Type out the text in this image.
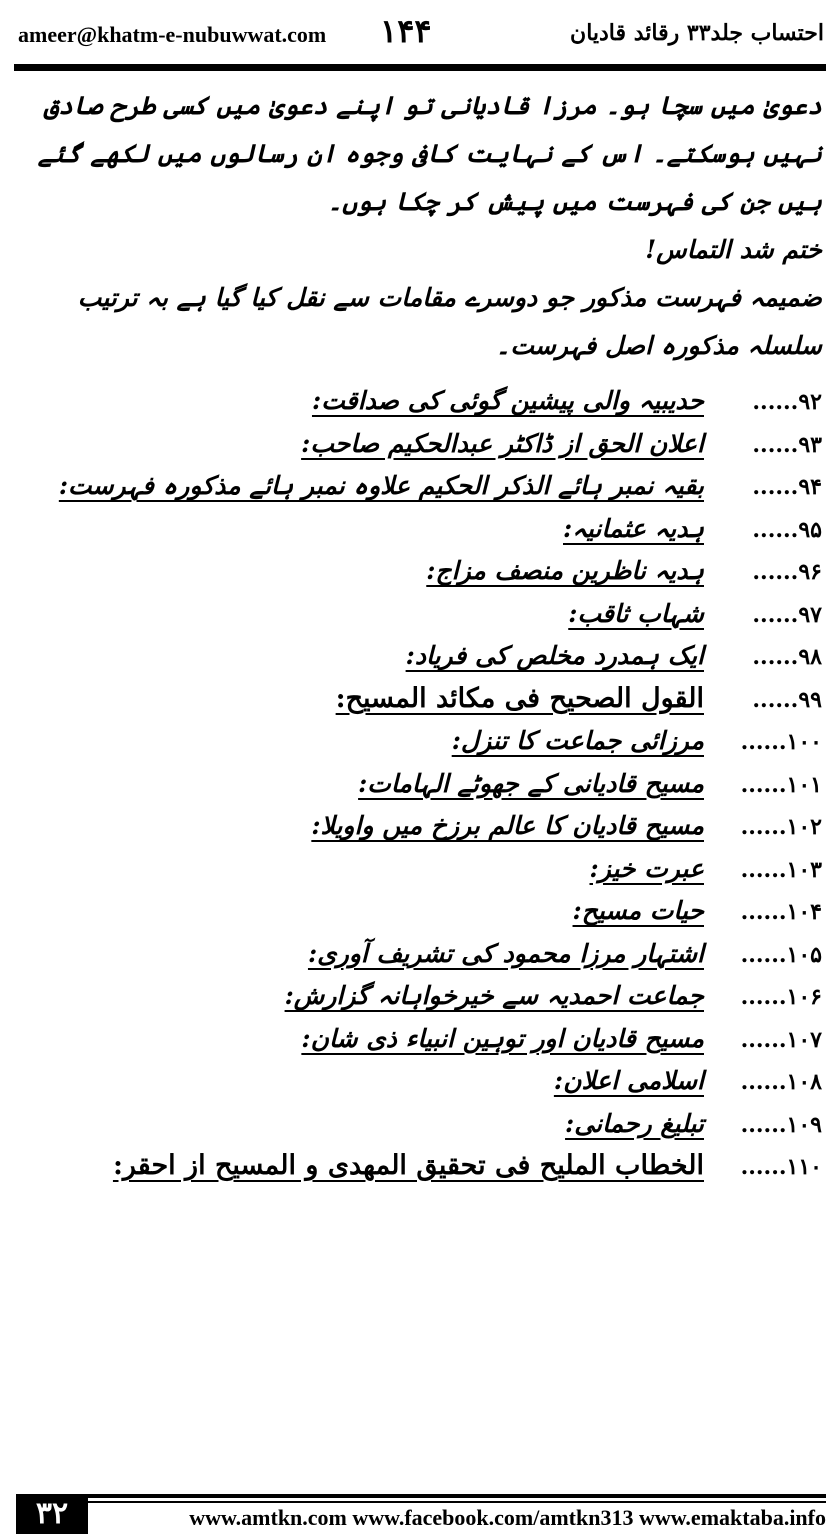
ameer@khatm-e-nubuwwat.com ۱۴۴	احتساب جلد۳۳ رقائد قادیان

دعویٰ میں سچا ہو۔ مرزا قادیانی تو اپنے دعویٰ میں کسی طرح صادق نہیں ہوسکتے۔ اس کے نہایت کافی وجوہ ان رسالوں میں لکھے گئے ہیں جن کی فہرست میں پیش کر چکا ہوں۔

ختم شد التماس!

ضمیمہ فہرست مذکور جو دوسرے مقامات سے نقل کیا گیا ہے بہ ترتیب سلسلہ مذکورہ اصل فہرست۔

۹۲......حدیبیہ والی پیشین گوئی کی صداقت:
۹۳......اعلان الحق از ڈاکٹر عبدالحکیم صاحب:
۹۴......بقیہ نمبر ہائے الذکر الحکیم علاوہ نمبر ہائے مذکورہ فہرست:
۹۵......ہدیہ عثمانیہ:
۹۶......ہدیہ ناظرین منصف مزاج:
۹۷......شہاب ثاقب:
۹۸......ایک ہمدرد مخلص کی فریاد:
۹۹......القول الصحیح فی مکائد المسیح:
۱۰۰......مرزائی جماعت کا تنزل:
۱۰۱......مسیح قادیانی کے جھوٹے الہامات:
۱۰۲......مسیح قادیان کا عالم برزخ میں واویلا:
۱۰۳......عبرت خیز:
۱۰۴......حیات مسیح:
۱۰۵......اشتہار مرزا محمود کی تشریف آوری:
۱۰۶......جماعت احمدیہ سے خیرخواہانہ گزارش:
۱۰۷......مسیح قادیان اور توہین انبیاء ذی شان:
۱۰۸......اسلامی اعلان:
۱۰۹......تبلیغ رحمانی:
۱۱۰......الخطاب الملیح فی تحقیق المهدی و المسیح از احقر:
۳۲	www.amtkn.com www.facebook.com/amtkn313 www.emaktaba.info
